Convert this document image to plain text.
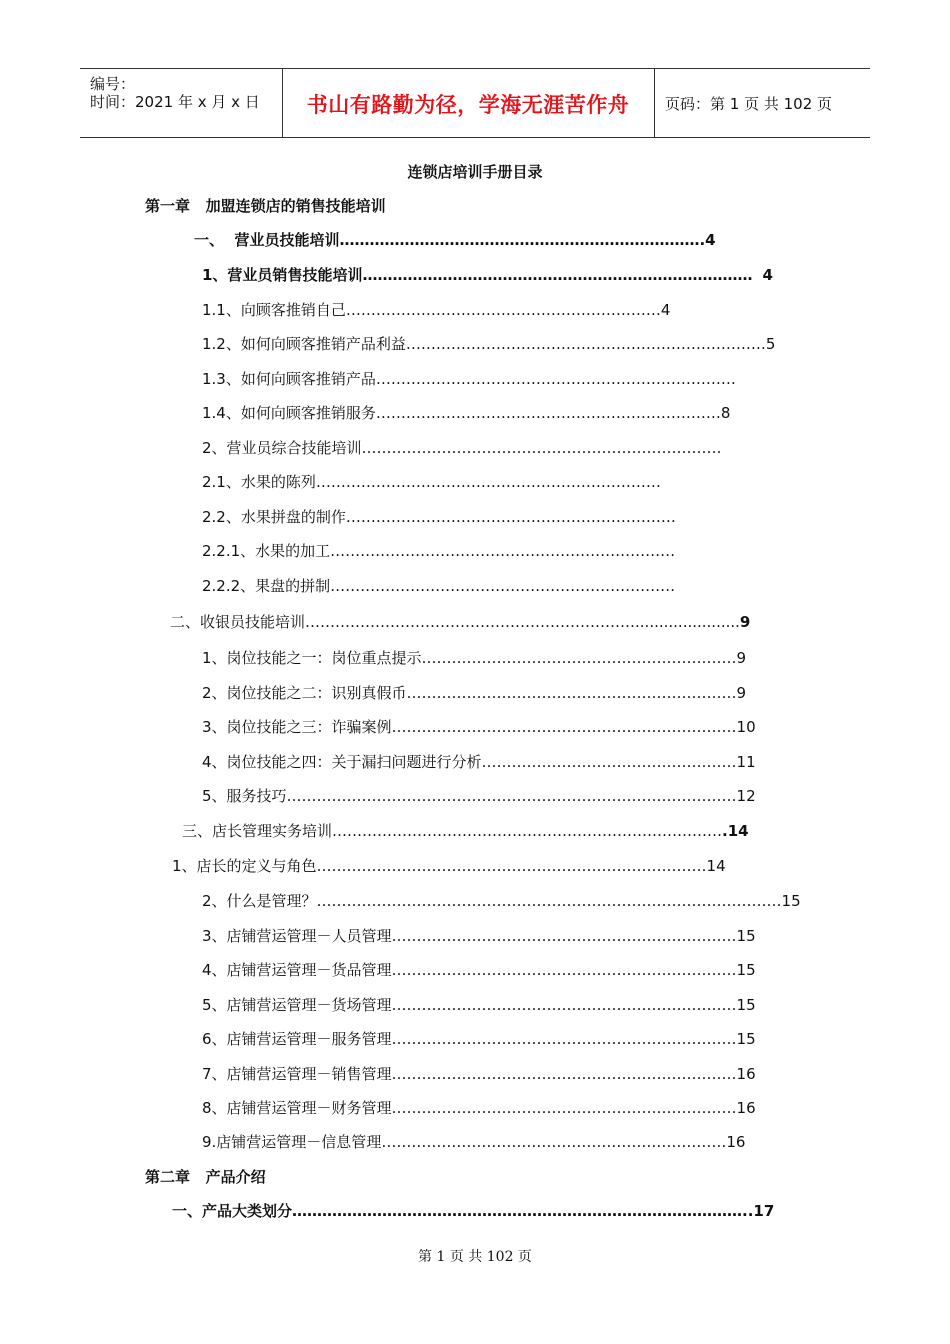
编号：
时间：2021 年 x 月 x 日	书山有路勤为径，学海无涯苦作舟	页码：第 1 页 共 102 页
连锁店培训手册目录
第一章   加盟连锁店的销售技能培训
一、  营业员技能培训……………………………………………………………….4
1、营业员销售技能培训…………………………………………………………………… 4
1.1、向顾客推销自己………………………………………………………4
1.2、如何向顾客推销产品利益………………………………………………………………5
1.3、如何向顾客推销产品………………………………………………………………
1.4、如何向顾客推销服务……………………………………………………………8
2、营业员综合技能培训………………………………………………………………
2.1、水果的陈列……………………………………………………………
2.2、水果拼盘的制作…………………………………………………………
2.2.1、水果的加工……………………………………………………………
2.2.2、果盘的拼制……………………………………………………………
二、收银员技能培训…………………………………………………………......................9
1、岗位技能之一：岗位重点提示………………………………………………………9
2、岗位技能之二：识别真假币…………………………………………………………9
3、岗位技能之三：诈骗案例……………………………………………………………10
4、岗位技能之四：关于漏扫问题进行分析……………………………………………11
5、服务技巧………………………………………………………………………………12
三、店长管理实务培训…………………………………………………………………….14
1、店长的定义与角色……………………………………………………………………14
2、什么是管理？…………………………………………………………………………………15
3、店铺营运管理－人员管理……………………………………………………………15
4、店铺营运管理－货品管理……………………………………………………………15
5、店铺营运管理－货场管理……………………………………………………………15
6、店铺营运管理－服务管理……………………………………………………………15
7、店铺营运管理－销售管理……………………………………………………………16
8、店铺营运管理－财务管理……………………………………………………………16
9.店铺营运管理－信息管理……………………………………………………………16
第二章   产品介绍
一、产品大类划分………………………………………………………………………………..17
第 1 页 共 102 页
